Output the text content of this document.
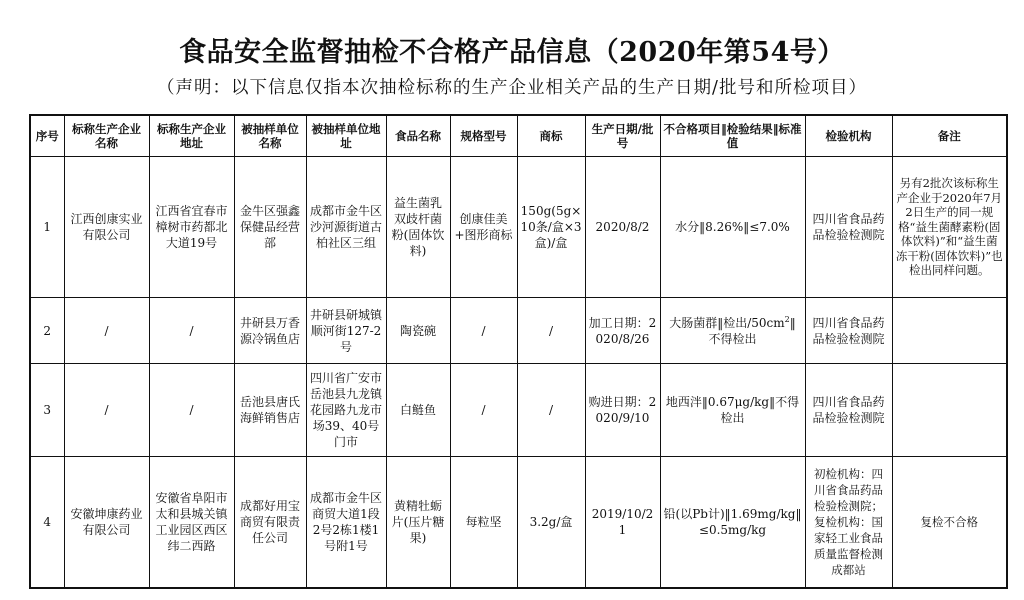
食品安全监督抽检不合格产品信息（2020年第54号）
（声明：以下信息仅指本次抽检标称的生产企业相关产品的生产日期/批号和所检项目）
序号	标称生产企业名称	标称生产企业地址	被抽样单位名称	被抽样单位地址	食品名称	规格型号	商标	生产日期/批号	不合格项目‖检验结果‖标准值	检验机构	备注
1	江西创康实业有限公司	江西省宜春市樟树市药都北大道19号	金牛区强鑫保健品经营部	成都市金牛区沙河源街道古柏社区三组	益生菌乳双歧杆菌粉(固体饮料)	创康佳美+图形商标	150g(5g×10条/盒×3盒)/盒	2020/8/2	水分‖8.26%‖≤7.0%	四川省食品药品检验检测院	另有2批次该标称生产企业于2020年7月2日生产的同一规格“益生菌酵素粉(固体饮料)”和“益生菌冻干粉(固体饮料)”也检出同样问题。
2	/	/	井研县万香源冷锅鱼店	井研县研城镇顺河街127-2号	陶瓷碗	/	/	加工日期：2020/8/26	大肠菌群‖检出$/50cm^2‖$不得检出	四川省食品药品检验检测院	
3	/	/	岳池县唐氏海鲜销售店	四川省广安市岳池县九龙镇花园路九龙市场39、40号门市	白鲢鱼	/	/	购进日期：2020/9/10	地西泮‖0.67μg/kg‖不得检出	四川省食品药品检验检测院	
4	安徽坤康药业有限公司	安徽省阜阳市太和县城关镇工业园区西区纬二西路	成都好用宝商贸有限责任公司	成都市金牛区商贸大道1段2号2栋1楼1号附1号	黄精牡蛎片(压片糖果)	每粒坚	3.2g/盒	2019/10/21	铅(以Pb计)‖1.69mg/kg‖≤0.5mg/kg	初检机构：四川省食品药品检验检测院；复检机构：国家轻工业食品质量监督检测成都站	复检不合格
